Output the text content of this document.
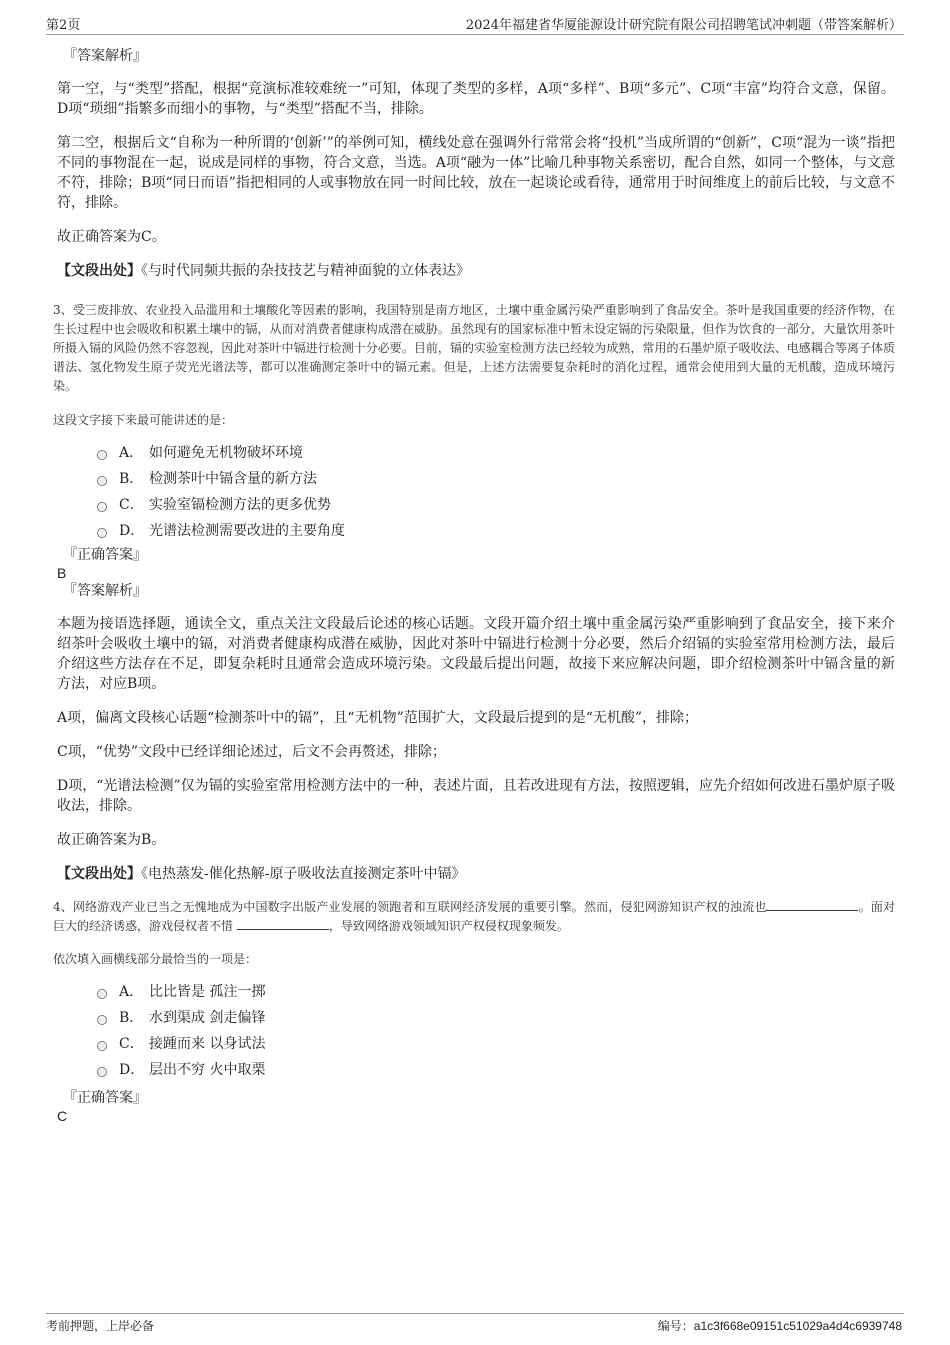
第2页	2024年福建省华厦能源设计研究院有限公司招聘笔试冲刺题（带答案解析）
『答案解析』

第一空，与“类型”搭配，根据“竞演标准较难统一”可知，体现了类型的多样，A项“多样”、B项“多元”、C项“丰富”均符合文意，保留。D项“琐细”指繁多而细小的事物，与“类型”搭配不当，排除。

第二空，根据后文“自称为一种所谓的‘创新’”的举例可知，横线处意在强调外行常常会将“投机”当成所谓的“创新”，C项“混为一谈”指把不同的事物混在一起，说成是同样的事物，符合文意，当选。A项“融为一体”比喻几种事物关系密切，配合自然，如同一个整体，与文意不符，排除；B项“同日而语”指把相同的人或事物放在同一时间比较，放在一起谈论或看待，通常用于时间维度上的前后比较，与文意不符，排除。

故正确答案为C。

【文段出处】《与时代同频共振的杂技技艺与精神面貌的立体表达》

3、受三废排放、农业投入品滥用和土壤酸化等因素的影响，我国特别是南方地区，土壤中重金属污染严重影响到了食品安全。茶叶是我国重要的经济作物，在生长过程中也会吸收和积累土壤中的镉，从而对消费者健康构成潜在威胁。虽然现有的国家标准中暂未设定镉的污染限量，但作为饮食的一部分，大量饮用茶叶所摄入镉的风险仍然不容忽视，因此对茶叶中镉进行检测十分必要。目前，镉的实验室检测方法已经较为成熟，常用的石墨炉原子吸收法、电感耦合等离子体质谱法、氢化物发生原子荧光光谱法等，都可以准确测定茶叶中的镉元素。但是，上述方法需要复杂耗时的消化过程，通常会使用到大量的无机酸，造成环境污染。

这段文字接下来最可能讲述的是：

A． 如何避免无机物破坏环境
B． 检测茶叶中镉含量的新方法
C． 实验室镉检测方法的更多优势
D． 光谱法检测需要改进的主要角度
『正确答案』
B
『答案解析』

本题为接语选择题，通读全文，重点关注文段最后论述的核心话题。文段开篇介绍土壤中重金属污染严重影响到了食品安全，接下来介绍茶叶会吸收土壤中的镉，对消费者健康构成潜在威胁，因此对茶叶中镉进行检测十分必要，然后介绍镉的实验室常用检测方法，最后介绍这些方法存在不足，即复杂耗时且通常会造成环境污染。文段最后提出问题，故接下来应解决问题，即介绍检测茶叶中镉含量的新方法，对应B项。

A项，偏离文段核心话题“检测茶叶中的镉”，且“无机物”范围扩大，文段最后提到的是“无机酸”，排除；

C项，“优势”文段中已经详细论述过，后文不会再赘述，排除；

D项，“光谱法检测”仅为镉的实验室常用检测方法中的一种，表述片面，且若改进现有方法，按照逻辑，应先介绍如何改进石墨炉原子吸收法，排除。

故正确答案为B。

【文段出处】《电热蒸发-催化热解-原子吸收法直接测定茶叶中镉》

4、网络游戏产业已当之无愧地成为中国数字出版产业发展的领跑者和互联网经济发展的重要引擎。然而，侵犯网游知识产权的浊流也	。面对巨大的经济诱惑，游戏侵权者不惜	，导致网络游戏领域知识产权侵权现象频发。

依次填入画横线部分最恰当的一项是：

A． 比比皆是 孤注一掷
B． 水到渠成 剑走偏锋
C． 接踵而来 以身试法
D． 层出不穷 火中取栗
『正确答案』
C
考前押题，上岸必备	编号：a1c3f668e09151c51029a4d4c6939748
